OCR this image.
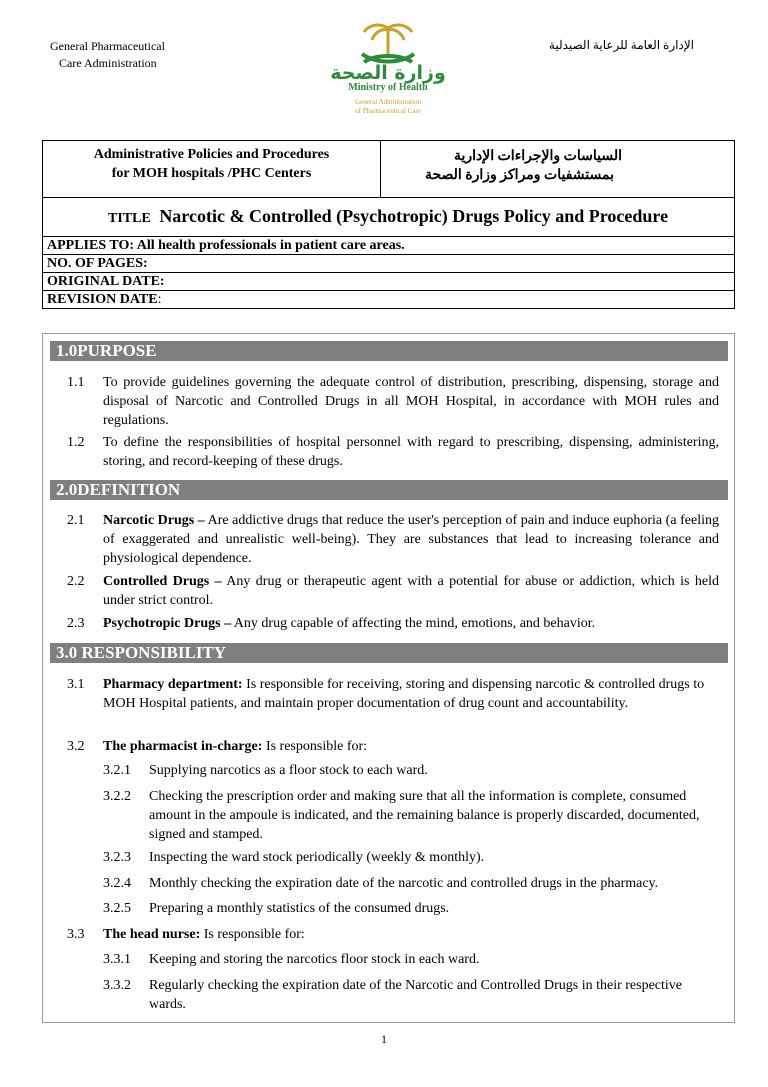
General Pharmaceutical
Care Administration
الإدارة العامة للرعاية الصيدلية
وزارة الصحة
Ministry of Health
General Administration
of Pharmaceutical Care
Administrative Policies and Procedures
for MOH hospitals /PHC Centers
السياسات والإجراءات الإدارية
بمستشفيات ومراكز وزارة الصحة
TITLE Narcotic & Controlled (Psychotropic) Drugs Policy and Procedure
APPLIES TO: All health professionals in patient care areas.
NO. OF PAGES:
ORIGINAL DATE:
REVISION DATE:
1.0PURPOSE
1.1 To provide guidelines governing the adequate control of distribution, prescribing, dispensing, storage and disposal of Narcotic and Controlled Drugs in all MOH Hospital, in accordance with MOH rules and regulations.
1.2 To define the responsibilities of hospital personnel with regard to prescribing, dispensing, administering, storing, and record-keeping of these drugs.
2.0DEFINITION
2.1 Narcotic Drugs – Are addictive drugs that reduce the user's perception of pain and induce euphoria (a feeling of exaggerated and unrealistic well-being). They are substances that lead to increasing tolerance and physiological dependence.
2.2 Controlled Drugs – Any drug or therapeutic agent with a potential for abuse or addiction, which is held under strict control.
2.3 Psychotropic Drugs – Any drug capable of affecting the mind, emotions, and behavior.
3.0 RESPONSIBILITY
3.1 Pharmacy department: Is responsible for receiving, storing and dispensing narcotic & controlled drugs to MOH Hospital patients, and maintain proper documentation of drug count and accountability.
3.2 The pharmacist in-charge: Is responsible for:
3.2.1 Supplying narcotics as a floor stock to each ward.
3.2.2 Checking the prescription order and making sure that all the information is complete, consumed amount in the ampoule is indicated, and the remaining balance is properly discarded, documented, signed and stamped.
3.2.3 Inspecting the ward stock periodically (weekly & monthly).
3.2.4 Monthly checking the expiration date of the narcotic and controlled drugs in the pharmacy.
3.2.5 Preparing a monthly statistics of the consumed drugs.
3.3 The head nurse: Is responsible for:
3.3.1 Keeping and storing the narcotics floor stock in each ward.
3.3.2 Regularly checking the expiration date of the Narcotic and Controlled Drugs in their respective wards.
1
